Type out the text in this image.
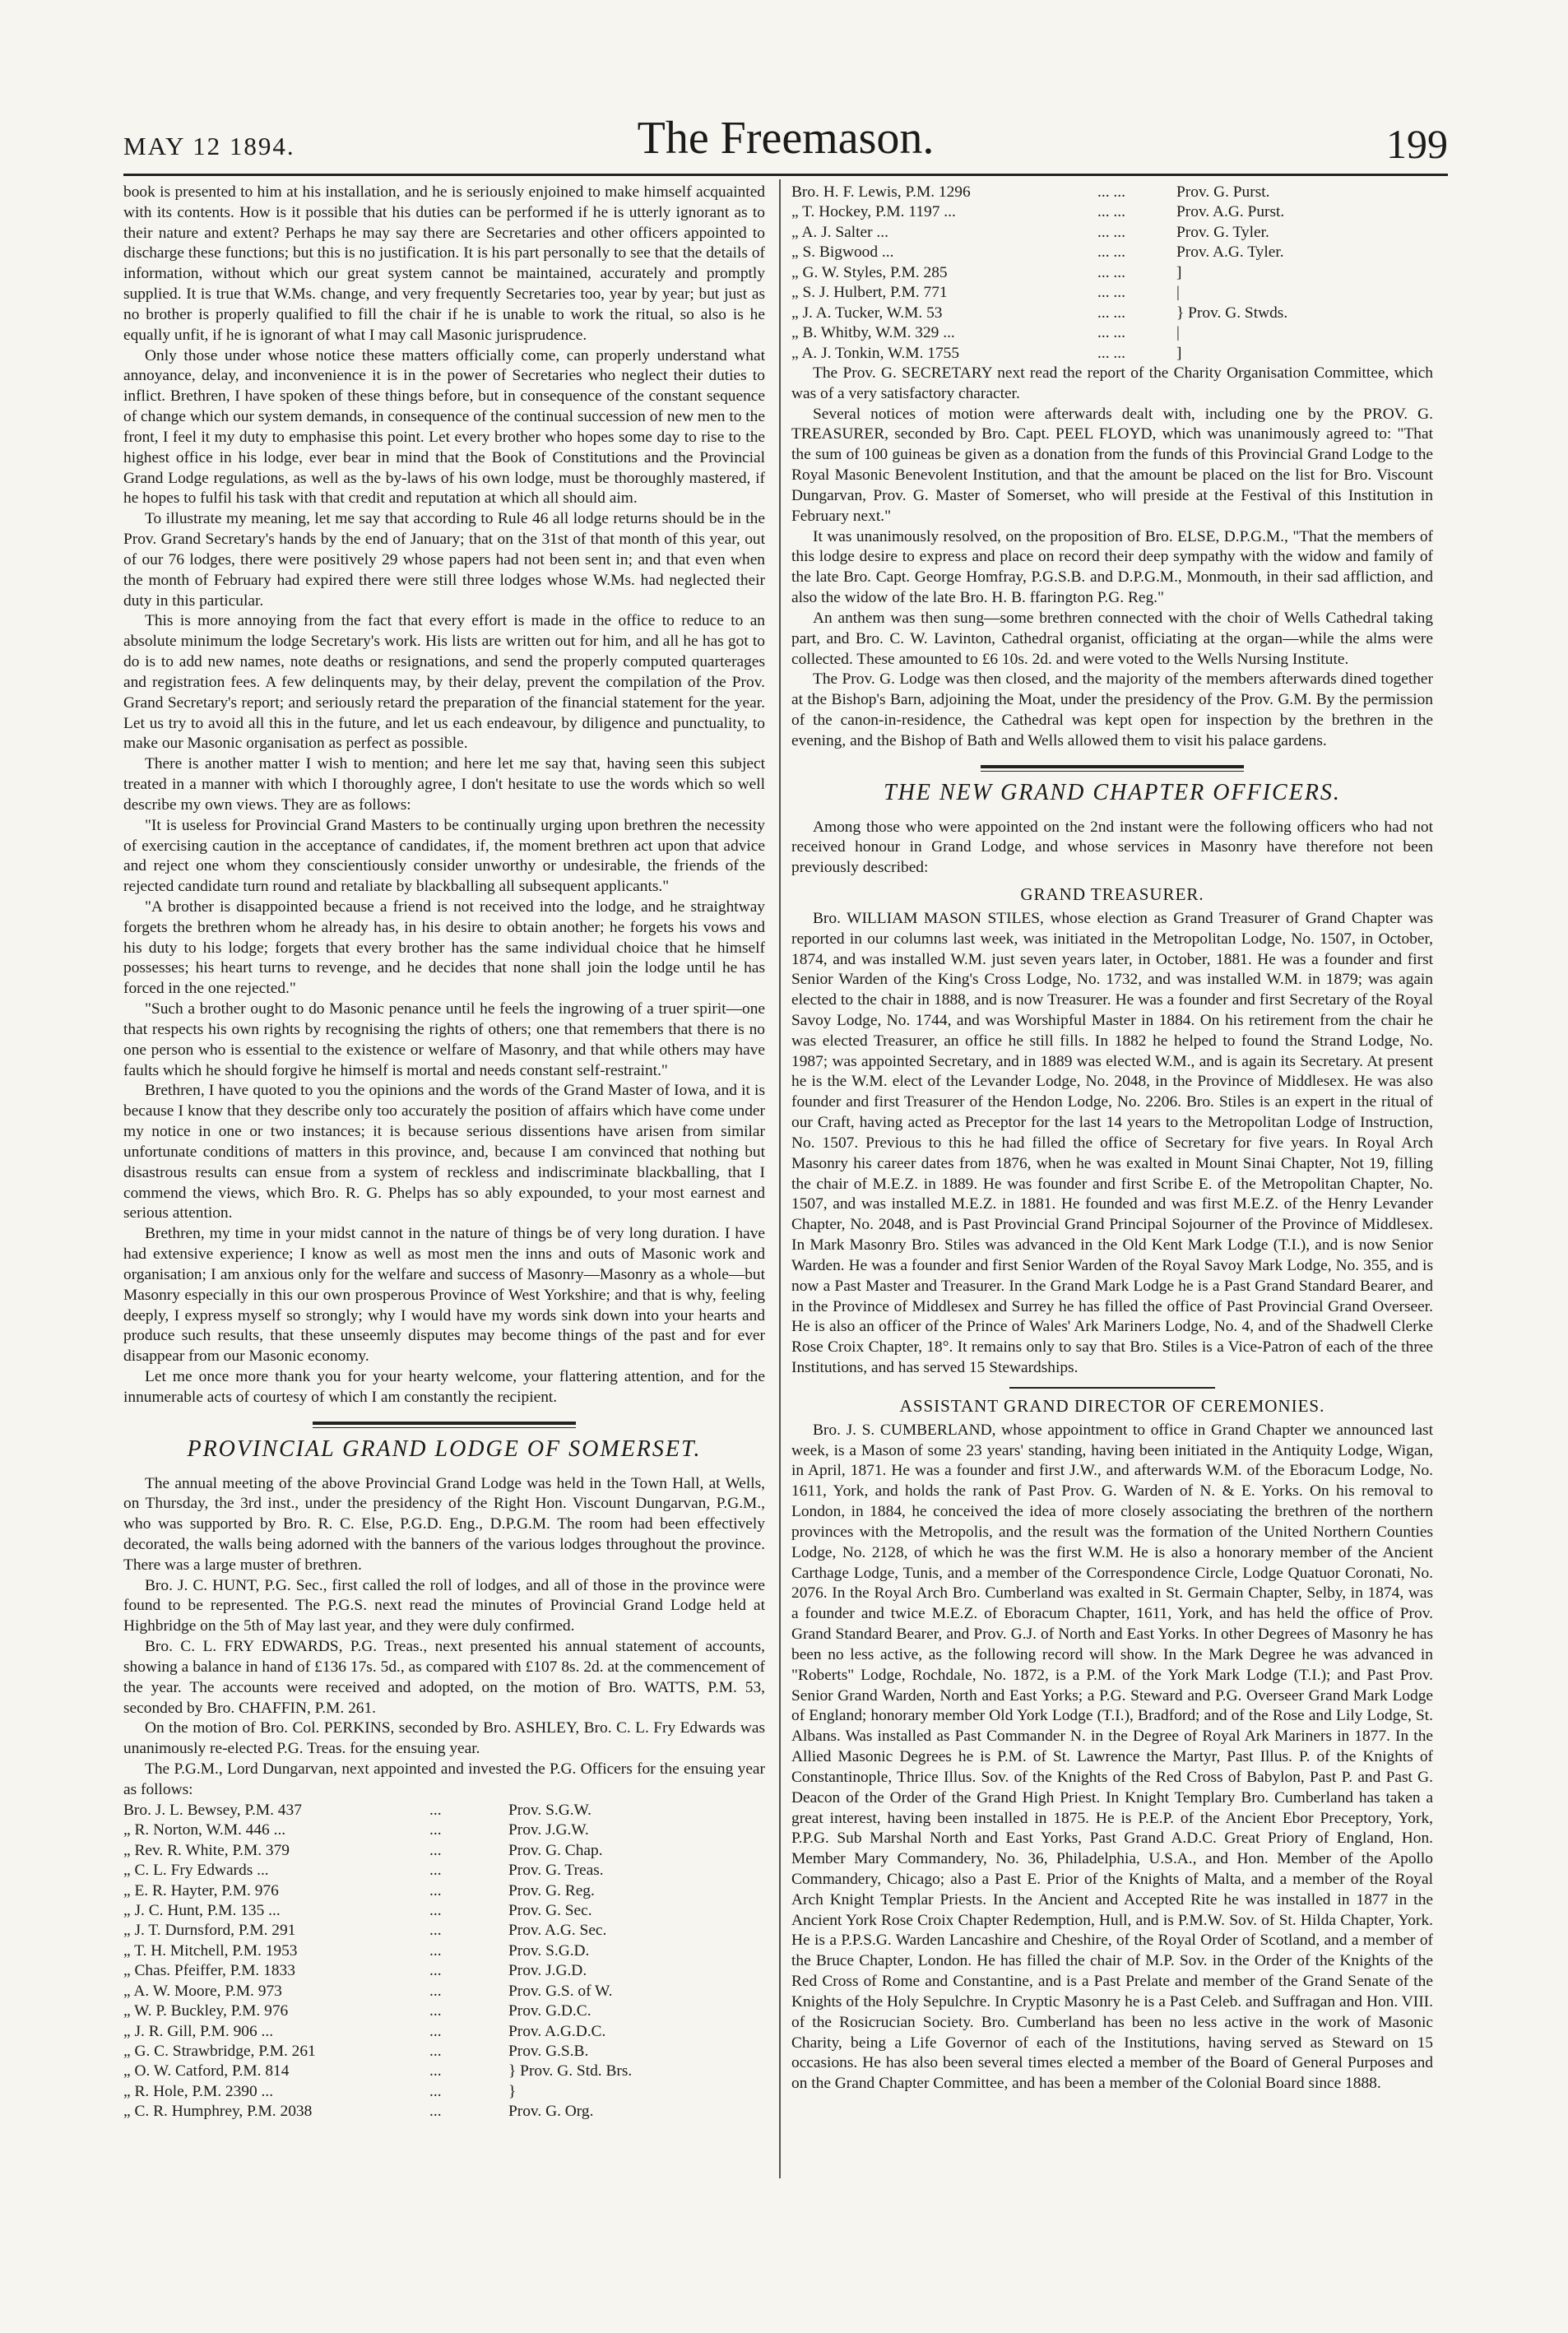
MAY 12 1894.	The Freemason.	199

book is presented to him at his installation, and he is seriously enjoined to make himself acquainted with its contents. How is it possible that his duties can be performed if he is utterly ignorant as to their nature and extent? Perhaps he may say there are Secretaries and other officers appointed to discharge these functions; but this is no justification. It is his part personally to see that the details of information, without which our great system cannot be maintained, accurately and promptly supplied. It is true that W.Ms. change, and very frequently Secretaries too, year by year; but just as no brother is properly qualified to fill the chair if he is unable to work the ritual, so also is he equally unfit, if he is ignorant of what I may call Masonic jurisprudence.

Only those under whose notice these matters officially come, can properly understand what annoyance, delay, and inconvenience it is in the power of Secretaries who neglect their duties to inflict. Brethren, I have spoken of these things before, but in consequence of the constant sequence of change which our system demands, in consequence of the continual succession of new men to the front, I feel it my duty to emphasise this point. Let every brother who hopes some day to rise to the highest office in his lodge, ever bear in mind that the Book of Constitutions and the Provincial Grand Lodge regulations, as well as the by-laws of his own lodge, must be thoroughly mastered, if he hopes to fulfil his task with that credit and reputation at which all should aim.

To illustrate my meaning, let me say that according to Rule 46 all lodge returns should be in the Prov. Grand Secretary's hands by the end of January; that on the 31st of that month of this year, out of our 76 lodges, there were positively 29 whose papers had not been sent in; and that even when the month of February had expired there were still three lodges whose W.Ms. had neglected their duty in this particular.

This is more annoying from the fact that every effort is made in the office to reduce to an absolute minimum the lodge Secretary's work. His lists are written out for him, and all he has got to do is to add new names, note deaths or resignations, and send the properly computed quarterages and registration fees. A few delinquents may, by their delay, prevent the compilation of the Prov. Grand Secretary's report; and seriously retard the preparation of the financial statement for the year. Let us try to avoid all this in the future, and let us each endeavour, by diligence and punctuality, to make our Masonic organisation as perfect as possible.

There is another matter I wish to mention; and here let me say that, having seen this subject treated in a manner with which I thoroughly agree, I don't hesitate to use the words which so well describe my own views. They are as follows:

"It is useless for Provincial Grand Masters to be continually urging upon brethren the necessity of exercising caution in the acceptance of candidates, if, the moment brethren act upon that advice and reject one whom they conscientiously consider unworthy or undesirable, the friends of the rejected candidate turn round and retaliate by blackballing all subsequent applicants."

"A brother is disappointed because a friend is not received into the lodge, and he straightway forgets the brethren whom he already has, in his desire to obtain another; he forgets his vows and his duty to his lodge; forgets that every brother has the same individual choice that he himself possesses; his heart turns to revenge, and he decides that none shall join the lodge until he has forced in the one rejected."

"Such a brother ought to do Masonic penance until he feels the ingrowing of a truer spirit—one that respects his own rights by recognising the rights of others; one that remembers that there is no one person who is essential to the existence or welfare of Masonry, and that while others may have faults which he should forgive he himself is mortal and needs constant self-restraint."

Brethren, I have quoted to you the opinions and the words of the Grand Master of Iowa, and it is because I know that they describe only too accurately the position of affairs which have come under my notice in one or two instances; it is because serious dissentions have arisen from similar unfortunate conditions of matters in this province, and, because I am convinced that nothing but disastrous results can ensue from a system of reckless and indiscriminate blackballing, that I commend the views, which Bro. R. G. Phelps has so ably expounded, to your most earnest and serious attention.

Brethren, my time in your midst cannot in the nature of things be of very long duration. I have had extensive experience; I know as well as most men the inns and outs of Masonic work and organisation; I am anxious only for the welfare and success of Masonry—Masonry as a whole—but Masonry especially in this our own prosperous Province of West Yorkshire; and that is why, feeling deeply, I express myself so strongly; why I would have my words sink down into your hearts and produce such results, that these unseemly disputes may become things of the past and for ever disappear from our Masonic economy.

Let me once more thank you for your hearty welcome, your flattering attention, and for the innumerable acts of courtesy of which I am constantly the recipient.

PROVINCIAL GRAND LODGE OF SOMERSET.

The annual meeting of the above Provincial Grand Lodge was held in the Town Hall, at Wells, on Thursday, the 3rd inst., under the presidency of the Right Hon. Viscount Dungarvan, P.G.M., who was supported by Bro. R. C. Else, P.G.D. Eng., D.P.G.M. The room had been effectively decorated, the walls being adorned with the banners of the various lodges throughout the province. There was a large muster of brethren.

Bro. J. C. HUNT, P.G. Sec., first called the roll of lodges, and all of those in the province were found to be represented. The P.G.S. next read the minutes of Provincial Grand Lodge held at Highbridge on the 5th of May last year, and they were duly confirmed.

Bro. C. L. FRY EDWARDS, P.G. Treas., next presented his annual statement of accounts, showing a balance in hand of £136 17s. 5d., as compared with £107 8s. 2d. at the commencement of the year. The accounts were received and adopted, on the motion of Bro. WATTS, P.M. 53, seconded by Bro. CHAFFIN, P.M. 261.

On the motion of Bro. Col. PERKINS, seconded by Bro. ASHLEY, Bro. C. L. Fry Edwards was unanimously re-elected P.G. Treas. for the ensuing year.

The P.G.M., Lord Dungarvan, next appointed and invested the P.G. Officers for the ensuing year as follows:

Bro. J. L. Bewsey, P.M. 437	...	Prov. S.G.W.
„ R. Norton, W.M. 446 ...	...	Prov. J.G.W.
„ Rev. R. White, P.M. 379	...	Prov. G. Chap.
„ C. L. Fry Edwards ...	...	Prov. G. Treas.
„ E. R. Hayter, P.M. 976	...	Prov. G. Reg.
„ J. C. Hunt, P.M. 135 ...	...	Prov. G. Sec.
„ J. T. Durnsford, P.M. 291	...	Prov. A.G. Sec.
„ T. H. Mitchell, P.M. 1953	...	Prov. S.G.D.
„ Chas. Pfeiffer, P.M. 1833	...	Prov. J.G.D.
„ A. W. Moore, P.M. 973	...	Prov. G.S. of W.
„ W. P. Buckley, P.M. 976	...	Prov. G.D.C.
„ J. R. Gill, P.M. 906 ...	...	Prov. A.G.D.C.
„ G. C. Strawbridge, P.M. 261	...	Prov. G.S.B.
„ O. W. Catford, P.M. 814	...	} Prov. G. Std. Brs.
„ R. Hole, P.M. 2390 ...	...	}
„ C. R. Humphrey, P.M. 2038	...	Prov. G. Org.
Bro. H. F. Lewis, P.M. 1296	... ...	Prov. G. Purst.
„ T. Hockey, P.M. 1197 ...	... ...	Prov. A.G. Purst.
„ A. J. Salter ...	... ...	Prov. G. Tyler.
„ S. Bigwood ...	... ...	Prov. A.G. Tyler.
„ G. W. Styles, P.M. 285	... ...	]
„ S. J. Hulbert, P.M. 771	... ...	|
„ J. A. Tucker, W.M. 53	... ...	} Prov. G. Stwds.
„ B. Whitby, W.M. 329 ...	... ...	|
„ A. J. Tonkin, W.M. 1755	... ...	]

The Prov. G. SECRETARY next read the report of the Charity Organisation Committee, which was of a very satisfactory character.

Several notices of motion were afterwards dealt with, including one by the PROV. G. TREASURER, seconded by Bro. Capt. PEEL FLOYD, which was unanimously agreed to: "That the sum of 100 guineas be given as a donation from the funds of this Provincial Grand Lodge to the Royal Masonic Benevolent Institution, and that the amount be placed on the list for Bro. Viscount Dungarvan, Prov. G. Master of Somerset, who will preside at the Festival of this Institution in February next."

It was unanimously resolved, on the proposition of Bro. ELSE, D.P.G.M., "That the members of this lodge desire to express and place on record their deep sympathy with the widow and family of the late Bro. Capt. George Homfray, P.G.S.B. and D.P.G.M., Monmouth, in their sad affliction, and also the widow of the late Bro. H. B. ffarington P.G. Reg."

An anthem was then sung—some brethren connected with the choir of Wells Cathedral taking part, and Bro. C. W. Lavinton, Cathedral organist, officiating at the organ—while the alms were collected. These amounted to £6 10s. 2d. and were voted to the Wells Nursing Institute.

The Prov. G. Lodge was then closed, and the majority of the members afterwards dined together at the Bishop's Barn, adjoining the Moat, under the presidency of the Prov. G.M. By the permission of the canon-in-residence, the Cathedral was kept open for inspection by the brethren in the evening, and the Bishop of Bath and Wells allowed them to visit his palace gardens.

THE NEW GRAND CHAPTER OFFICERS.

Among those who were appointed on the 2nd instant were the following officers who had not received honour in Grand Lodge, and whose services in Masonry have therefore not been previously described:

GRAND TREASURER.

Bro. WILLIAM MASON STILES, whose election as Grand Treasurer of Grand Chapter was reported in our columns last week, was initiated in the Metropolitan Lodge, No. 1507, in October, 1874, and was installed W.M. just seven years later, in October, 1881. He was a founder and first Senior Warden of the King's Cross Lodge, No. 1732, and was installed W.M. in 1879; was again elected to the chair in 1888, and is now Treasurer. He was a founder and first Secretary of the Royal Savoy Lodge, No. 1744, and was Worshipful Master in 1884. On his retirement from the chair he was elected Treasurer, an office he still fills. In 1882 he helped to found the Strand Lodge, No. 1987; was appointed Secretary, and in 1889 was elected W.M., and is again its Secretary. At present he is the W.M. elect of the Levander Lodge, No. 2048, in the Province of Middlesex. He was also founder and first Treasurer of the Hendon Lodge, No. 2206. Bro. Stiles is an expert in the ritual of our Craft, having acted as Preceptor for the last 14 years to the Metropolitan Lodge of Instruction, No. 1507. Previous to this he had filled the office of Secretary for five years. In Royal Arch Masonry his career dates from 1876, when he was exalted in Mount Sinai Chapter, Not 19, filling the chair of M.E.Z. in 1889. He was founder and first Scribe E. of the Metropolitan Chapter, No. 1507, and was installed M.E.Z. in 1881. He founded and was first M.E.Z. of the Henry Levander Chapter, No. 2048, and is Past Provincial Grand Principal Sojourner of the Province of Middlesex. In Mark Masonry Bro. Stiles was advanced in the Old Kent Mark Lodge (T.I.), and is now Senior Warden. He was a founder and first Senior Warden of the Royal Savoy Mark Lodge, No. 355, and is now a Past Master and Treasurer. In the Grand Mark Lodge he is a Past Grand Standard Bearer, and in the Province of Middlesex and Surrey he has filled the office of Past Provincial Grand Overseer. He is also an officer of the Prince of Wales' Ark Mariners Lodge, No. 4, and of the Shadwell Clerke Rose Croix Chapter, 18°. It remains only to say that Bro. Stiles is a Vice-Patron of each of the three Institutions, and has served 15 Stewardships.

ASSISTANT GRAND DIRECTOR OF CEREMONIES.

Bro. J. S. CUMBERLAND, whose appointment to office in Grand Chapter we announced last week, is a Mason of some 23 years' standing, having been initiated in the Antiquity Lodge, Wigan, in April, 1871. He was a founder and first J.W., and afterwards W.M. of the Eboracum Lodge, No. 1611, York, and holds the rank of Past Prov. G. Warden of N. & E. Yorks. On his removal to London, in 1884, he conceived the idea of more closely associating the brethren of the northern provinces with the Metropolis, and the result was the formation of the United Northern Counties Lodge, No. 2128, of which he was the first W.M. He is also a honorary member of the Ancient Carthage Lodge, Tunis, and a member of the Correspondence Circle, Lodge Quatuor Coronati, No. 2076. In the Royal Arch Bro. Cumberland was exalted in St. Germain Chapter, Selby, in 1874, was a founder and twice M.E.Z. of Eboracum Chapter, 1611, York, and has held the office of Prov. Grand Standard Bearer, and Prov. G.J. of North and East Yorks. In other Degrees of Masonry he has been no less active, as the following record will show. In the Mark Degree he was advanced in "Roberts" Lodge, Rochdale, No. 1872, is a P.M. of the York Mark Lodge (T.I.); and Past Prov. Senior Grand Warden, North and East Yorks; a P.G. Steward and P.G. Overseer Grand Mark Lodge of England; honorary member Old York Lodge (T.I.), Bradford; and of the Rose and Lily Lodge, St. Albans. Was installed as Past Commander N. in the Degree of Royal Ark Mariners in 1877. In the Allied Masonic Degrees he is P.M. of St. Lawrence the Martyr, Past Illus. P. of the Knights of Constantinople, Thrice Illus. Sov. of the Knights of the Red Cross of Babylon, Past P. and Past G. Deacon of the Order of the Grand High Priest. In Knight Templary Bro. Cumberland has taken a great interest, having been installed in 1875. He is P.E.P. of the Ancient Ebor Preceptory, York, P.P.G. Sub Marshal North and East Yorks, Past Grand A.D.C. Great Priory of England, Hon. Member Mary Commandery, No. 36, Philadelphia, U.S.A., and Hon. Member of the Apollo Commandery, Chicago; also a Past E. Prior of the Knights of Malta, and a member of the Royal Arch Knight Templar Priests. In the Ancient and Accepted Rite he was installed in 1877 in the Ancient York Rose Croix Chapter Redemption, Hull, and is P.M.W. Sov. of St. Hilda Chapter, York. He is a P.P.S.G. Warden Lancashire and Cheshire, of the Royal Order of Scotland, and a member of the Bruce Chapter, London. He has filled the chair of M.P. Sov. in the Order of the Knights of the Red Cross of Rome and Constantine, and is a Past Prelate and member of the Grand Senate of the Knights of the Holy Sepulchre. In Cryptic Masonry he is a Past Celeb. and Suffragan and Hon. VIII. of the Rosicrucian Society. Bro. Cumberland has been no less active in the work of Masonic Charity, being a Life Governor of each of the Institutions, having served as Steward on 15 occasions. He has also been several times elected a member of the Board of General Purposes and on the Grand Chapter Committee, and has been a member of the Colonial Board since 1888.
